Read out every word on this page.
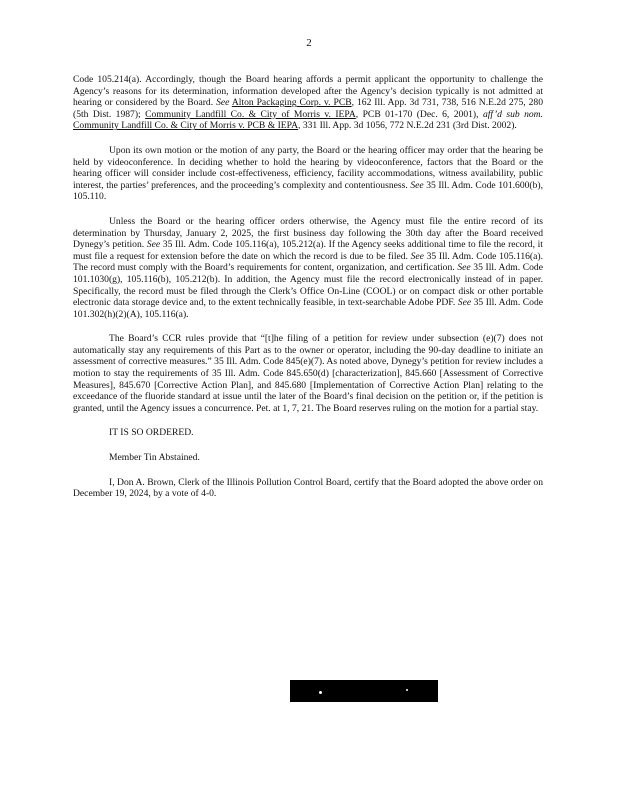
2

Code 105.214(a). Accordingly, though the Board hearing affords a permit applicant the opportunity to challenge the Agency’s reasons for its determination, information developed after the Agency’s decision typically is not admitted at hearing or considered by the Board. See Alton Packaging Corp. v. PCB, 162 Ill. App. 3d 731, 738, 516 N.E.2d 275, 280 (5th Dist. 1987); Community Landfill Co. & City of Morris v. IEPA, PCB 01-170 (Dec. 6, 2001), aff’d sub nom. Community Landfill Co. & City of Morris v. PCB & IEPA, 331 Ill. App. 3d 1056, 772 N.E.2d 231 (3rd Dist. 2002).

Upon its own motion or the motion of any party, the Board or the hearing officer may order that the hearing be held by videoconference. In deciding whether to hold the hearing by videoconference, factors that the Board or the hearing officer will consider include cost-effectiveness, efficiency, facility accommodations, witness availability, public interest, the parties’ preferences, and the proceeding’s complexity and contentiousness. See 35 Ill. Adm. Code 101.600(b), 105.110.

Unless the Board or the hearing officer orders otherwise, the Agency must file the entire record of its determination by Thursday, January 2, 2025, the first business day following the 30th day after the Board received Dynegy’s petition. See 35 Ill. Adm. Code 105.116(a), 105.212(a). If the Agency seeks additional time to file the record, it must file a request for extension before the date on which the record is due to be filed. See 35 Ill. Adm. Code 105.116(a). The record must comply with the Board’s requirements for content, organization, and certification. See 35 Ill. Adm. Code 101.1030(g), 105.116(b), 105.212(b). In addition, the Agency must file the record electronically instead of in paper. Specifically, the record must be filed through the Clerk’s Office On-Line (COOL) or on compact disk or other portable electronic data storage device and, to the extent technically feasible, in text-searchable Adobe PDF. See 35 Ill. Adm. Code 101.302(h)(2)(A), 105.116(a).

The Board’s CCR rules provide that “[t]he filing of a petition for review under subsection (e)(7) does not automatically stay any requirements of this Part as to the owner or operator, including the 90-day deadline to initiate an assessment of corrective measures.” 35 Ill. Adm. Code 845(e)(7). As noted above, Dynegy’s petition for review includes a motion to stay the requirements of 35 Ill. Adm. Code 845.650(d) [characterization], 845.660 [Assessment of Corrective Measures], 845.670 [Corrective Action Plan], and 845.680 [Implementation of Corrective Action Plan] relating to the exceedance of the fluoride standard at issue until the later of the Board’s final decision on the petition or, if the petition is granted, until the Agency issues a concurrence. Pet. at 1, 7, 21. The Board reserves ruling on the motion for a partial stay.

IT IS SO ORDERED.

Member Tin Abstained.

I, Don A. Brown, Clerk of the Illinois Pollution Control Board, certify that the Board adopted the above order on December 19, 2024, by a vote of 4-0.
